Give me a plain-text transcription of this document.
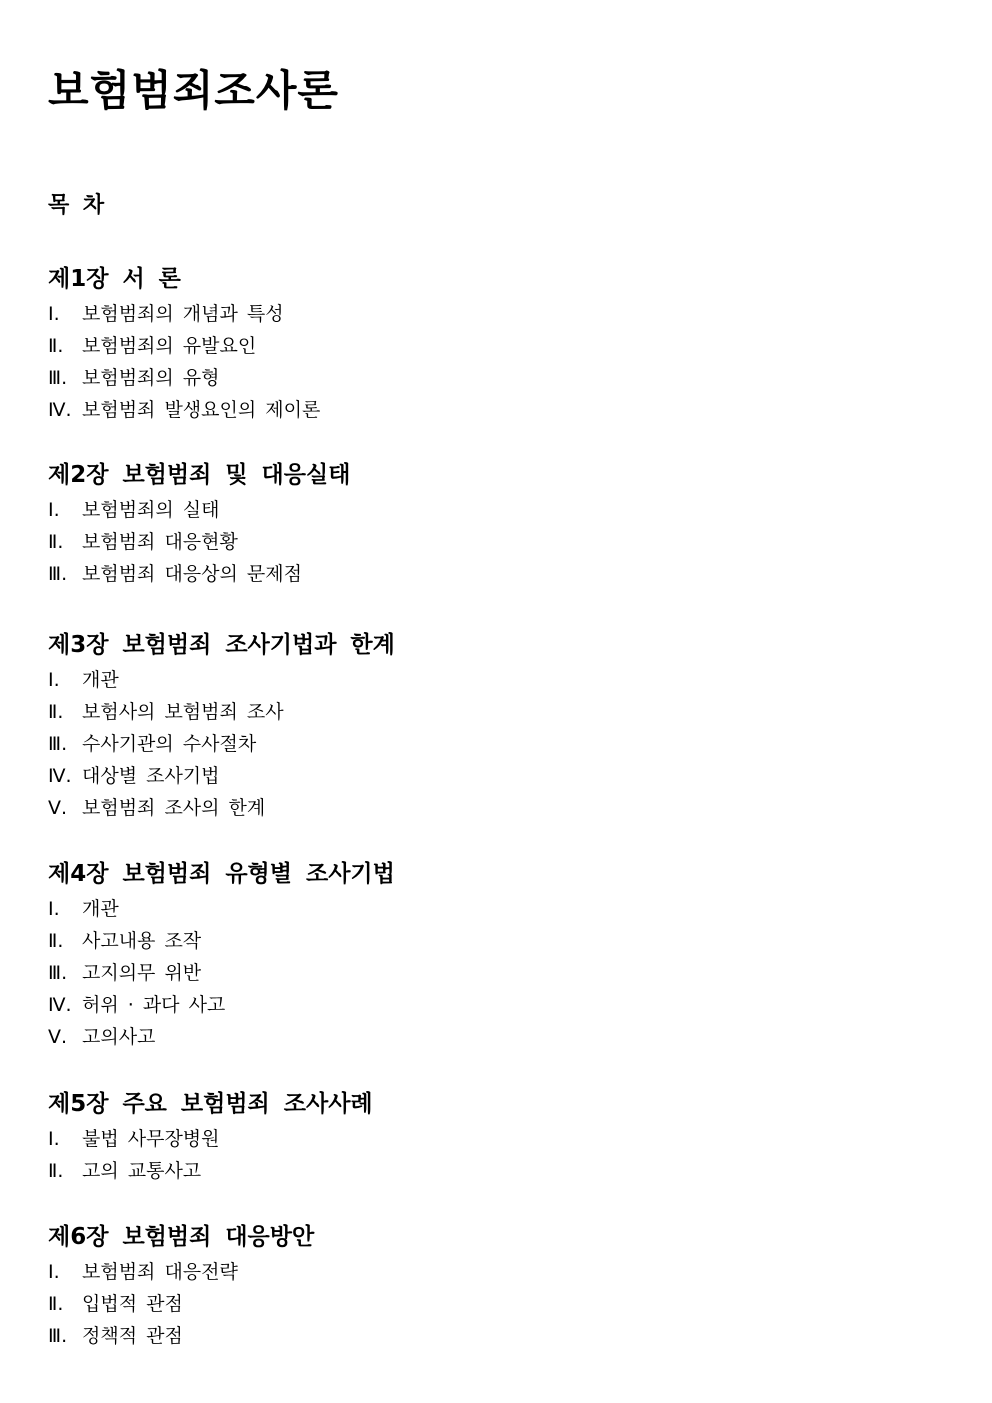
보험범죄조사론
목 차
제1장 서 론
Ⅰ. 보험범죄의 개념과 특성
Ⅱ. 보험범죄의 유발요인
Ⅲ. 보험범죄의 유형
Ⅳ. 보험범죄 발생요인의 제이론
제2장 보험범죄 및 대응실태
Ⅰ. 보험범죄의 실태
Ⅱ. 보험범죄 대응현황
Ⅲ. 보험범죄 대응상의 문제점
제3장 보험범죄 조사기법과 한계
Ⅰ. 개관
Ⅱ. 보험사의 보험범죄 조사
Ⅲ. 수사기관의 수사절차
Ⅳ. 대상별 조사기법
Ⅴ. 보험범죄 조사의 한계
제4장 보험범죄 유형별 조사기법
Ⅰ. 개관
Ⅱ. 사고내용 조작
Ⅲ. 고지의무 위반
Ⅳ. 허위 · 과다 사고
Ⅴ. 고의사고
제5장 주요 보험범죄 조사사례
Ⅰ. 불법 사무장병원
Ⅱ. 고의 교통사고
제6장 보험범죄 대응방안
Ⅰ. 보험범죄 대응전략
Ⅱ. 입법적 관점
Ⅲ. 정책적 관점
